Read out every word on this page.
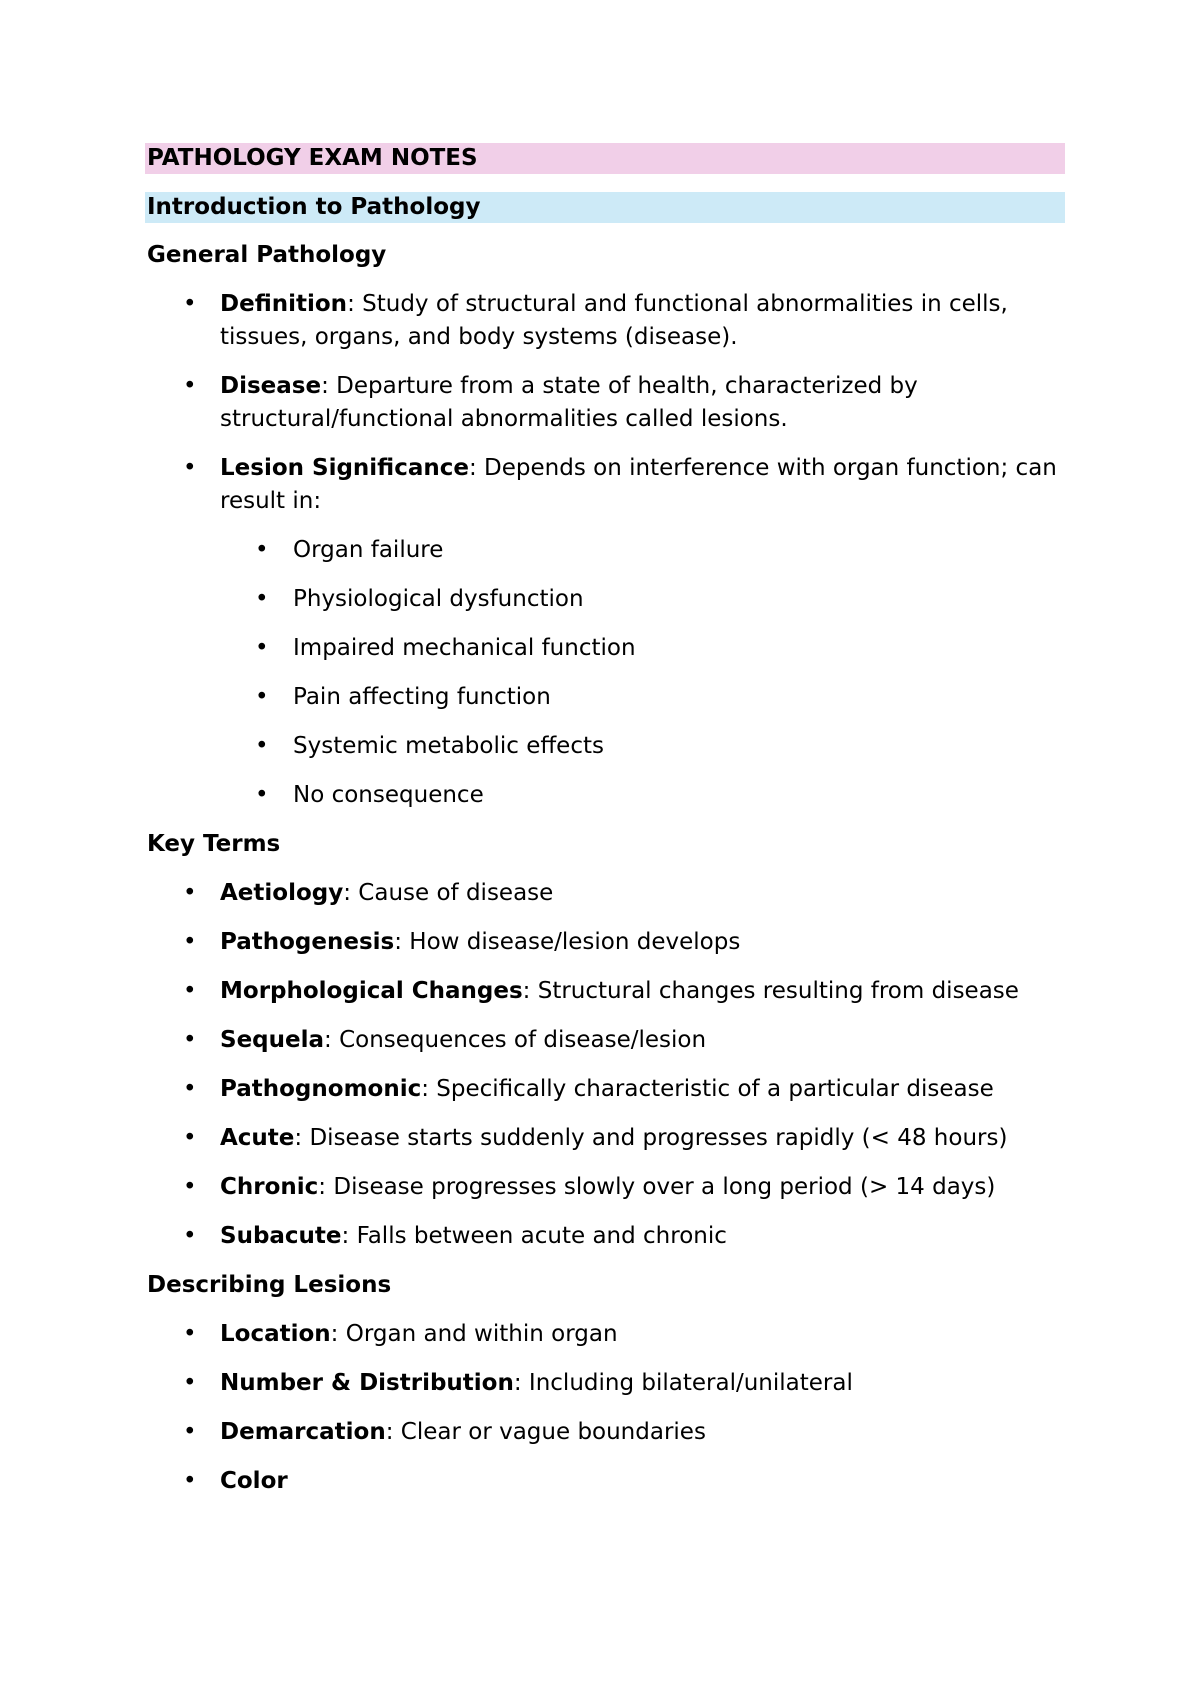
PATHOLOGY EXAM NOTES
Introduction to Pathology
General Pathology
• Definition: Study of structural and functional abnormalities in cells, tissues, organs, and body systems (disease).
• Disease: Departure from a state of health, characterized by structural/functional abnormalities called lesions.
• Lesion Significance: Depends on interference with organ function; can result in:
• Organ failure
• Physiological dysfunction
• Impaired mechanical function
• Pain affecting function
• Systemic metabolic effects
• No consequence
Key Terms
• Aetiology: Cause of disease
• Pathogenesis: How disease/lesion develops
• Morphological Changes: Structural changes resulting from disease
• Sequela: Consequences of disease/lesion
• Pathognomonic: Specifically characteristic of a particular disease
• Acute: Disease starts suddenly and progresses rapidly (< 48 hours)
• Chronic: Disease progresses slowly over a long period (> 14 days)
• Subacute: Falls between acute and chronic
Describing Lesions
• Location: Organ and within organ
• Number & Distribution: Including bilateral/unilateral
• Demarcation: Clear or vague boundaries
• Color
